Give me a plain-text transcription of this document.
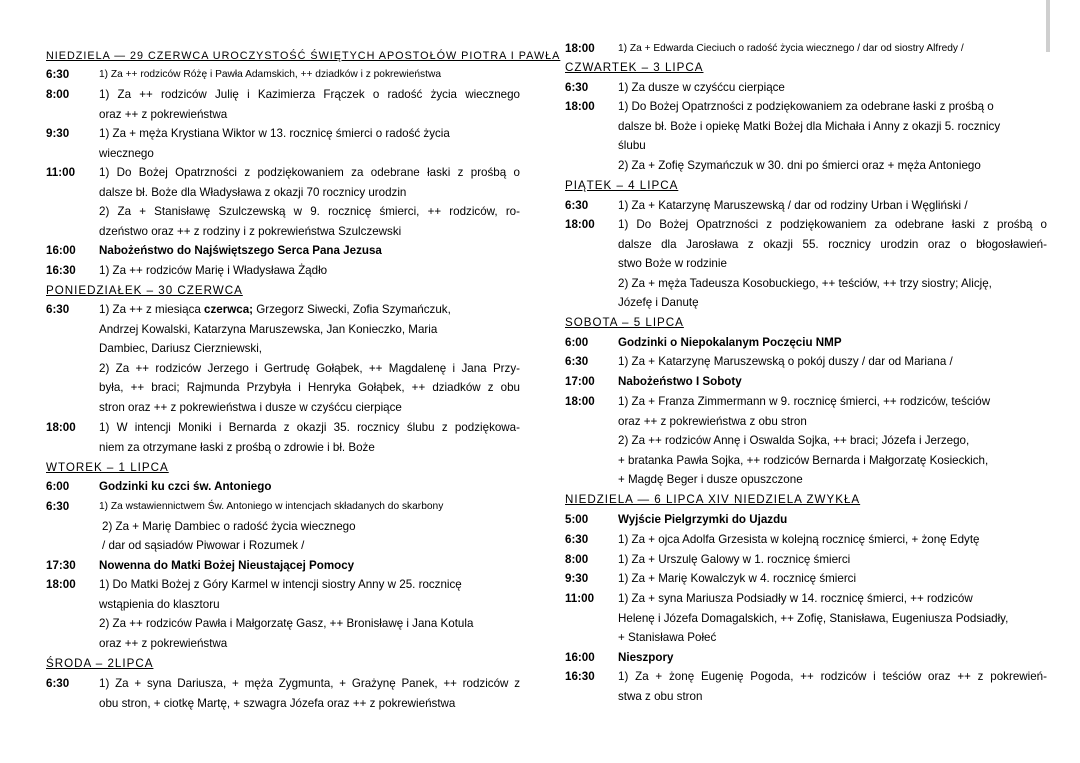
NIEDZIELA — 29 CZERWCA UROCZYSTOŚĆ ŚWIĘTYCH APOSTOŁÓW PIOTRA I PAWŁA
6:30	1) Za ++ rodziców Różę i Pawła Adamskich, ++ dziadków i z pokrewieństwa
8:00	1) Za ++ rodziców Julię i Kazimierza Frączek o radość życia wiecznego
oraz ++ z pokrewieństwa
9:30	1) Za + męża Krystiana Wiktor w 13. rocznicę śmierci o radość życia
wiecznego
11:00 1) Do Bożej Opatrzności z podziękowaniem za odebrane łaski z prośbą o
dalsze bł. Boże dla Władysława z okazji 70 rocznicy urodzin
2) Za + Stanisławę Szulczewską w 9. rocznicę śmierci, ++ rodziców, ro-
dzeństwo oraz ++ z rodziny i z pokrewieństwa Szulczewski
16:00 Nabożeństwo do Najświętszego Serca Pana Jezusa
16:30 1) Za ++ rodziców Marię i Władysława Żądło
PONIEDZIAŁEK – 30 CZERWCA
6:30	1) Za ++ z miesiąca czerwca; Grzegorz Siwecki, Zofia Szymańczuk,
Andrzej Kowalski, Katarzyna Maruszewska, Jan Konieczko, Maria
Dambiec, Dariusz Cierzniewski,
2) Za ++ rodziców Jerzego i Gertrudę Gołąbek, ++ Magdalenę i Jana Przy-
była, ++ braci; Rajmunda Przybyła i Henryka Gołąbek, ++ dziadków z obu
stron oraz ++ z pokrewieństwa i dusze w czyśćcu cierpiące
18:00 1) W intencji Moniki i Bernarda z okazji 35. rocznicy ślubu z podziękowa-
niem za otrzymane łaski z prośbą o zdrowie i bł. Boże
WTOREK – 1 LIPCA
6:00	Godzinki ku czci św. Antoniego
6:30	1) Za wstawiennictwem Św. Antoniego w intencjach składanych do skarbony
2) Za + Marię Dambiec o radość życia wiecznego
/ dar od sąsiadów Piwowar i Rozumek /
17:30 Nowenna do Matki Bożej Nieustającej Pomocy
18:00 1) Do Matki Bożej z Góry Karmel w intencji siostry Anny w 25. rocznicę
wstąpienia do klasztoru
2) Za ++ rodziców Pawła i Małgorzatę Gasz, ++ Bronisławę i Jana Kotula
oraz ++ z pokrewieństwa
ŚRODA – 2LIPCA
6:30	1) Za + syna Dariusza, + męża Zygmunta, + Grażynę Panek, ++ rodziców z
obu stron, + ciotkę Martę, + szwagra Józefa oraz ++ z pokrewieństwa
18:00 1) Za + Edwarda Cieciuch o radość życia wiecznego / dar od siostry Alfredy /
CZWARTEK – 3 LIPCA
6:30	1) Za dusze w czyśćcu cierpiące
18:00 1) Do Bożej Opatrzności z podziękowaniem za odebrane łaski z prośbą o
dalsze bł. Boże i opiekę Matki Bożej dla Michała i Anny z okazji 5. rocznicy
ślubu
2) Za + Zofię Szymańczuk w 30. dni po śmierci oraz + męża Antoniego
PIĄTEK – 4 LIPCA
6:30	1) Za + Katarzynę Maruszewską / dar od rodziny Urban i Węgliński /
18:00 1) Do Bożej Opatrzności z podziękowaniem za odebrane łaski z prośbą o
dalsze dla Jarosława z okazji 55. rocznicy urodzin oraz o błogosławień-
stwo Boże w rodzinie
2) Za + męża Tadeusza Kosobuckiego, ++ teściów, ++ trzy siostry; Alicję,
Józefę i Danutę
SOBOTA – 5 LIPCA
6:00	Godzinki o Niepokalanym Poczęciu NMP
6:30	1) Za + Katarzynę Maruszewską o pokój duszy / dar od Mariana /
17:00 Nabożeństwo I Soboty
18:00 1) Za + Franza Zimmermann w 9. rocznicę śmierci, ++ rodziców, teściów
oraz ++ z pokrewieństwa z obu stron
2) Za ++ rodziców Annę i Oswalda Sojka, ++ braci; Józefa i Jerzego,
+ bratanka Pawła Sojka, ++ rodziców Bernarda i Małgorzatę Kosieckich,
+ Magdę Beger i dusze opuszczone
NIEDZIELA — 6 LIPCA XIV NIEDZIELA ZWYKŁA
5:00	Wyjście Pielgrzymki do Ujazdu
6:30	1) Za + ojca Adolfa Grzesista w kolejną rocznicę śmierci, + żonę Edytę
8:00	1) Za + Urszulę Galowy w 1. rocznicę śmierci
9:30	1) Za + Marię Kowalczyk w 4. rocznicę śmierci
11:00 1) Za + syna Mariusza Podsiadły w 14. rocznicę śmierci, ++ rodziców
Helenę i Józefa Domagalskich, ++ Zofię, Stanisława, Eugeniusza Podsiadły,
+ Stanisława Połeć
16:00 Nieszpory
16:30 1) Za + żonę Eugenię Pogoda, ++ rodziców i teściów oraz ++ z pokrewień-
stwa z obu stron
